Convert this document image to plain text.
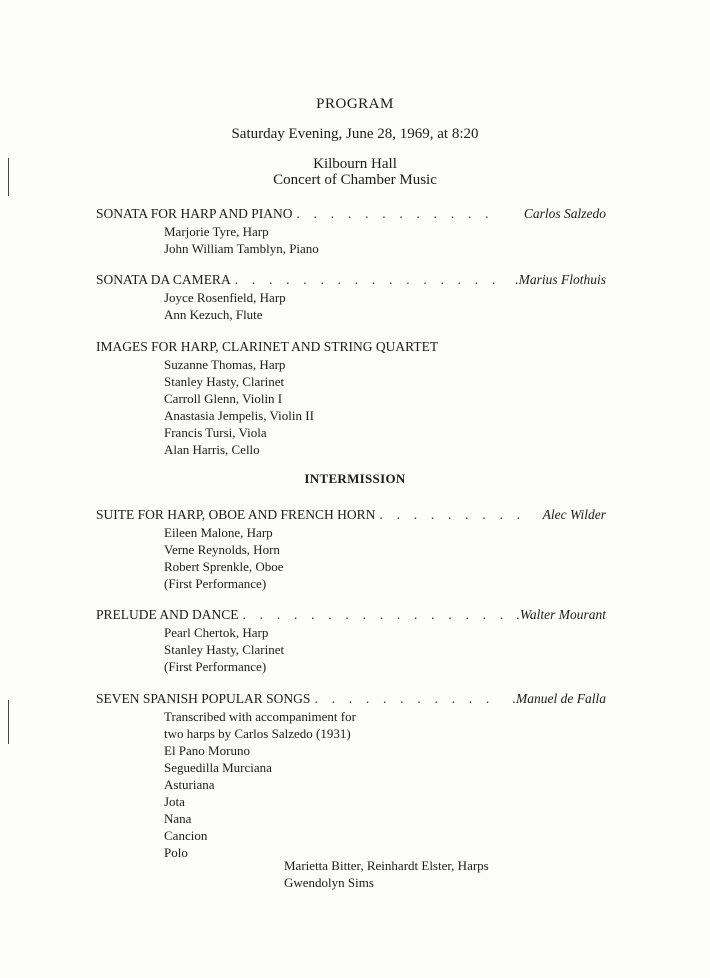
PROGRAM
Saturday Evening, June 28, 1969, at 8:20
Kilbourn Hall
Concert of Chamber Music
SONATA FOR HARP AND PIANO . . . . . . . . . . . .	Carlos Salzedo
Marjorie Tyre, Harp
John William Tamblyn, Piano
SONATA DA CAMERA . . . . . . . . . . . . . . . .	.Marius Flothuis
Joyce Rosenfield, Harp
Ann Kezuch, Flute
IMAGES FOR HARP, CLARINET AND STRING QUARTET
Suzanne Thomas, Harp
Stanley Hasty, Clarinet
Carroll Glenn, Violin I
Anastasia Jempelis, Violin II
Francis Tursi, Viola
Alan Harris, Cello
INTERMISSION
SUITE FOR HARP, OBOE AND FRENCH HORN . . . . . . . . .	Alec Wilder
Eileen Malone, Harp
Verne Reynolds, Horn
Robert Sprenkle, Oboe
(First Performance)
PRELUDE AND DANCE . . . . . . . . . . . . . . . . .Walter Mourant
Pearl Chertok, Harp
Stanley Hasty, Clarinet
(First Performance)
SEVEN SPANISH POPULAR SONGS . . . . . . . . . . .	.Manuel de Falla
Transcribed with accompaniment for
two harps by Carlos Salzedo (1931)
El Pano Moruno
Seguedilla Murciana
Asturiana
Jota
Nana
Cancion
Polo
Marietta Bitter, Reinhardt Elster, Harps
Gwendolyn Sims
